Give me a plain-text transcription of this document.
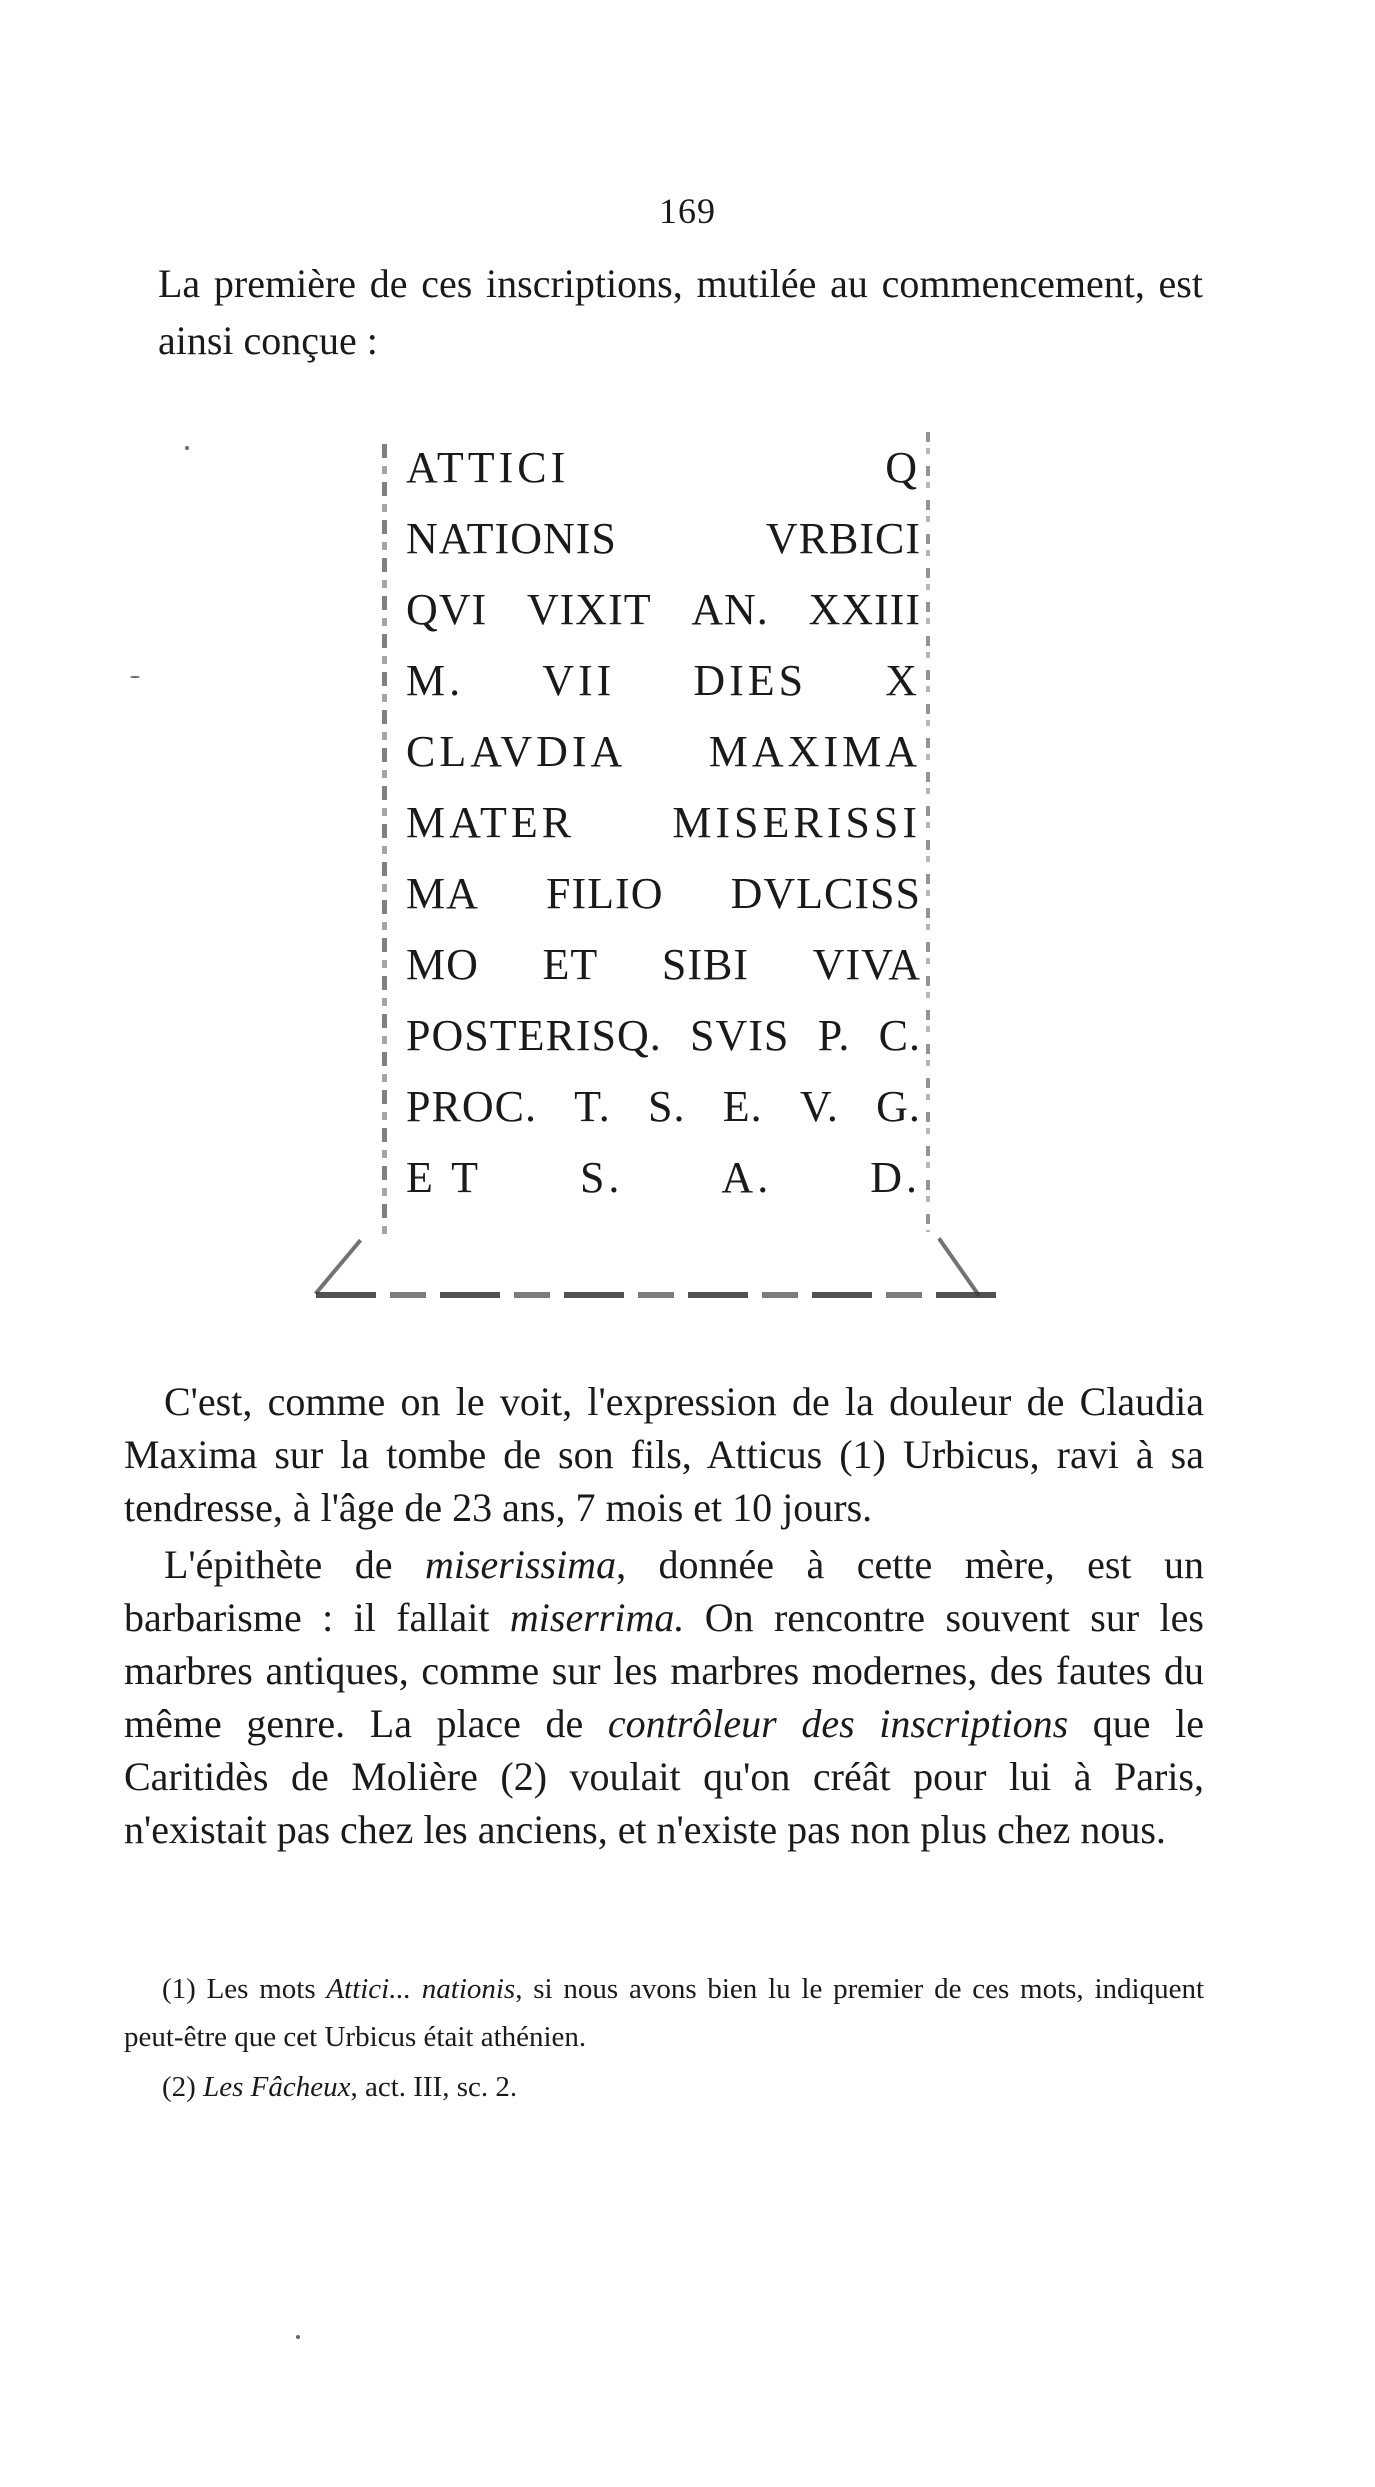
169

La première de ces inscriptions, mutilée au commencement, est ainsi conçue :

ATTICI	Q
NATIONIS	VRBICI
QVI VIXIT AN. XXIII
M. VII DIES X
CLAVDIA MAXIMA
MATER MISERISSI
MA FILIO DVLCISS
MO ET SIBI VIVA
POSTERISQ. SVIS P. C.
PROC. T. S. E. V. G.
E T S. A. D.

C'est, comme on le voit, l'expression de la douleur de Claudia Maxima sur la tombe de son fils, Atticus (1) Urbicus, ravi à sa tendresse, à l'âge de 23 ans, 7 mois et 10 jours.

L'épithète de miserissima, donnée à cette mère, est un barbarisme : il fallait miserrima. On rencontre souvent sur les marbres antiques, comme sur les marbres modernes, des fautes du même genre. La place de contrôleur des inscriptions que le Caritidès de Molière (2) voulait qu'on créât pour lui à Paris, n'existait pas chez les anciens, et n'existe pas non plus chez nous.

(1) Les mots Attici... nationis, si nous avons bien lu le premier de ces mots, indiquent peut-être que cet Urbicus était athénien.

(2) Les Fâcheux, act. III, sc. 2.
